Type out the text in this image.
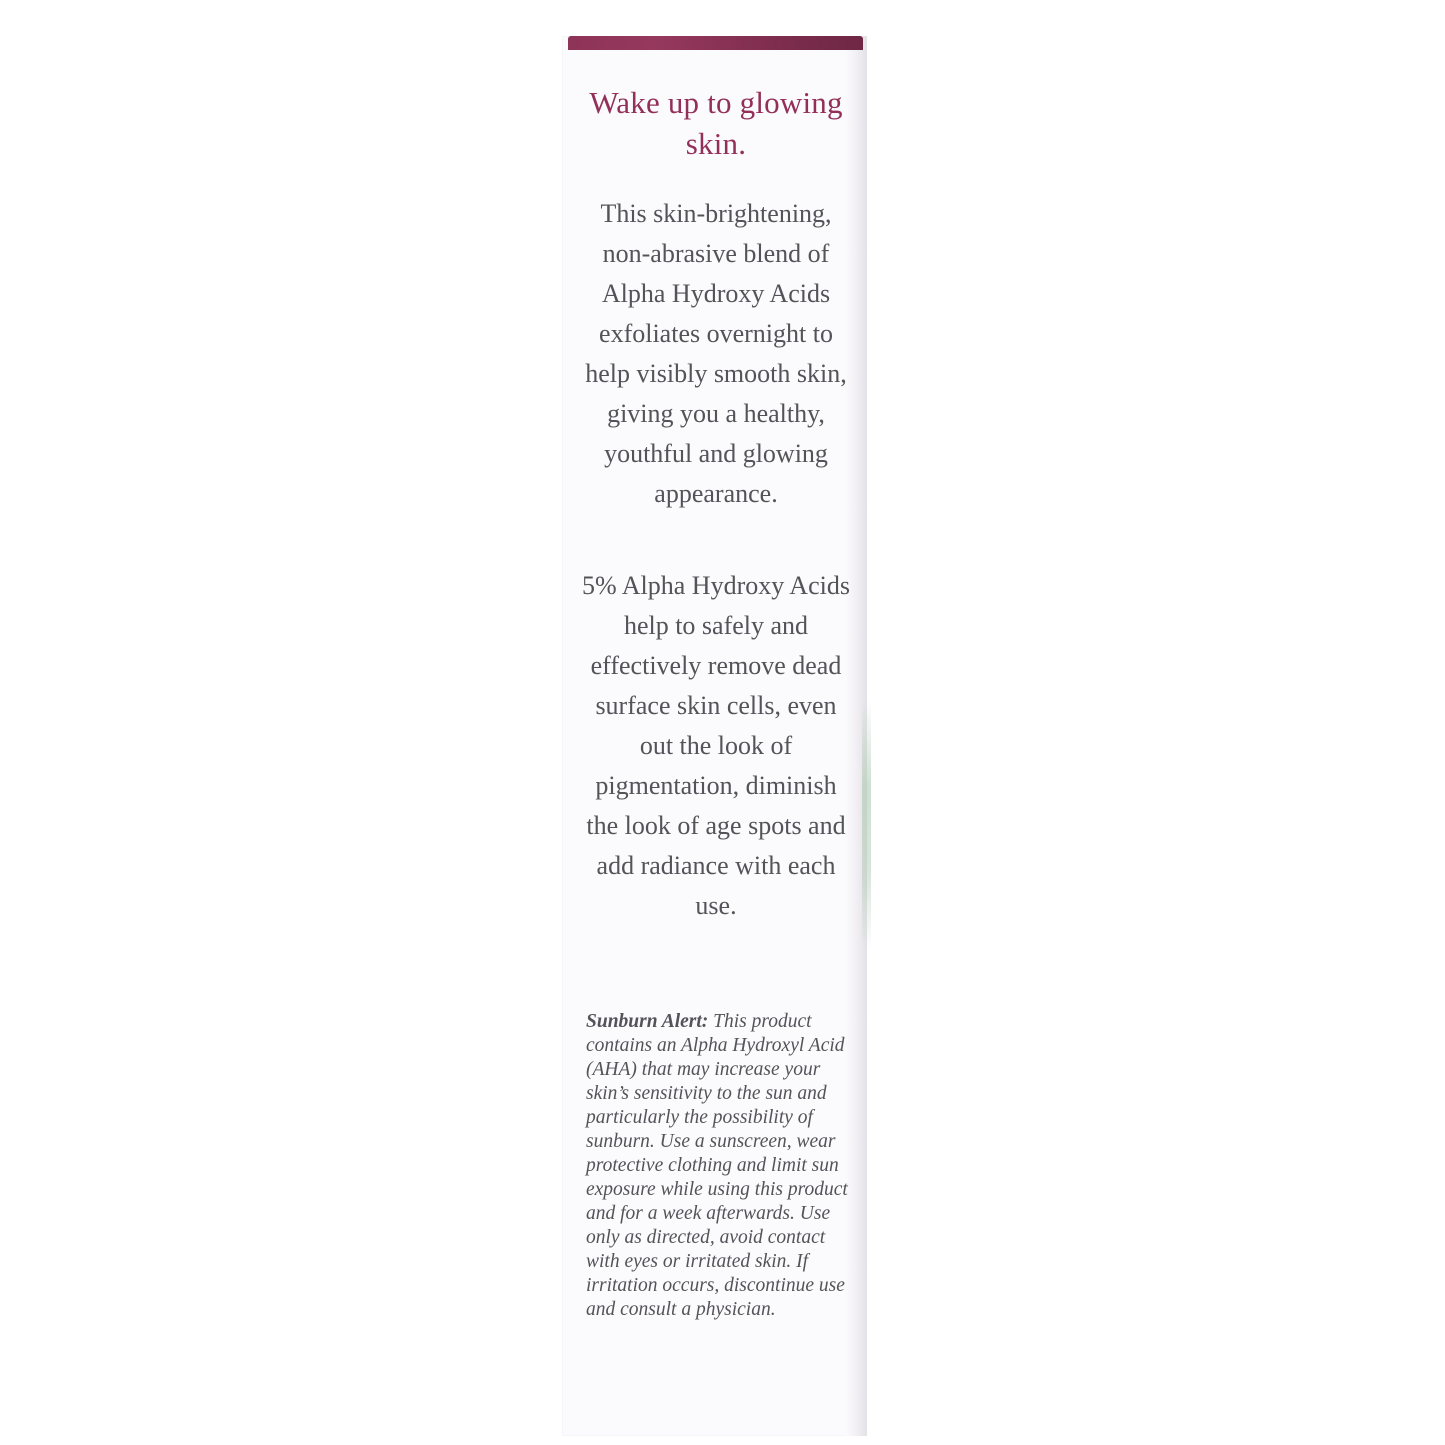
Wake up to glowing skin.
This skin-brightening, non-abrasive blend of Alpha Hydroxy Acids exfoliates overnight to help visibly smooth skin, giving you a healthy, youthful and glowing appearance.
5% Alpha Hydroxy Acids help to safely and effectively remove dead surface skin cells, even out the look of pigmentation, diminish the look of age spots and add radiance with each use.
Sunburn Alert: This product contains an Alpha Hydroxyl Acid (AHA) that may increase your skin’s sensitivity to the sun and particularly the possibility of sunburn. Use a sunscreen, wear protective clothing and limit sun exposure while using this product and for a week afterwards. Use only as directed, avoid contact with eyes or irritated skin. If irritation occurs, discontinue use and consult a physician.
